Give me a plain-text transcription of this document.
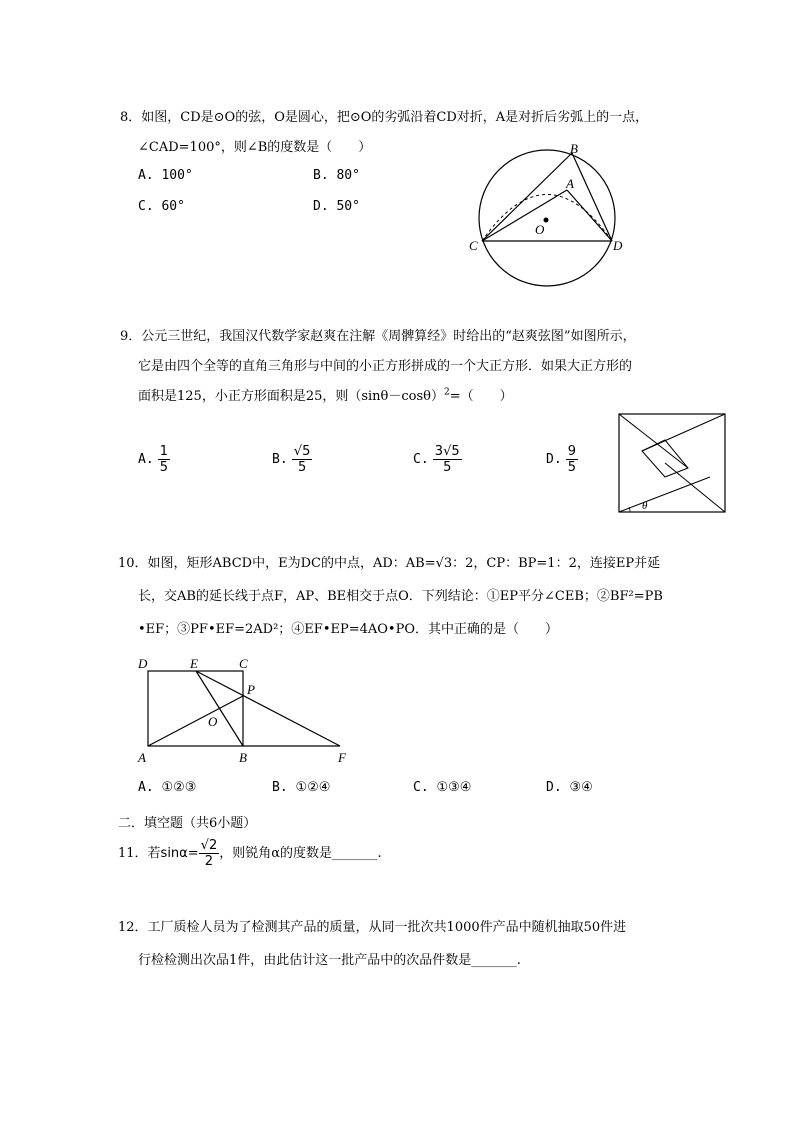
8．如图，CD是⊙O的弦，O是圆心，把⊙O的劣弧沿着CD对折，A是对折后劣弧上的一点，
∠CAD=100°，则∠B的度数是（　　）
A. 100°	B. 80°
C. 60°	D. 50°
B
A
O
C	D
9．公元三世纪，我国汉代数学家赵爽在注解《周髀算经》时给出的“赵爽弦图”如图所示，
它是由四个全等的直角三角形与中间的小正方形拼成的一个大正方形．如果大正方形的
面积是125，小正方形面积是25，则$(\sin\theta-\cos\theta)^2=$（　　）
A. $\frac{1}{5}$	B. $\frac{√5}{5}$	C. $\frac{3√5}{5}$	D. $\frac{9}{5}$
θ
10．如图，矩形ABCD中，E为DC的中点，AD：AB=√3：2，CP：BP=1：2，连接EP并延
长，交AB的延长线于点F，AP、BE相交于点O．下列结论：①EP平分∠CEB；②BF²=PB
•EF；③PF•EF=2AD²；④EF•EP=4AO•PO．其中正确的是（　　）
D	E	C
P
O
A	B	F
A. ①②③	B. ①②④	C. ①③④	D. ③④
二．填空题（共6小题）
11．若$\sin\alpha= \frac{√2}{2}$ ，则锐角α的度数是_______.
12．工厂质检人员为了检测其产品的质量，从同一批次共1000件产品中随机抽取50件进
行检检测出次品1件，由此估计这一批产品中的次品件数是_______.
